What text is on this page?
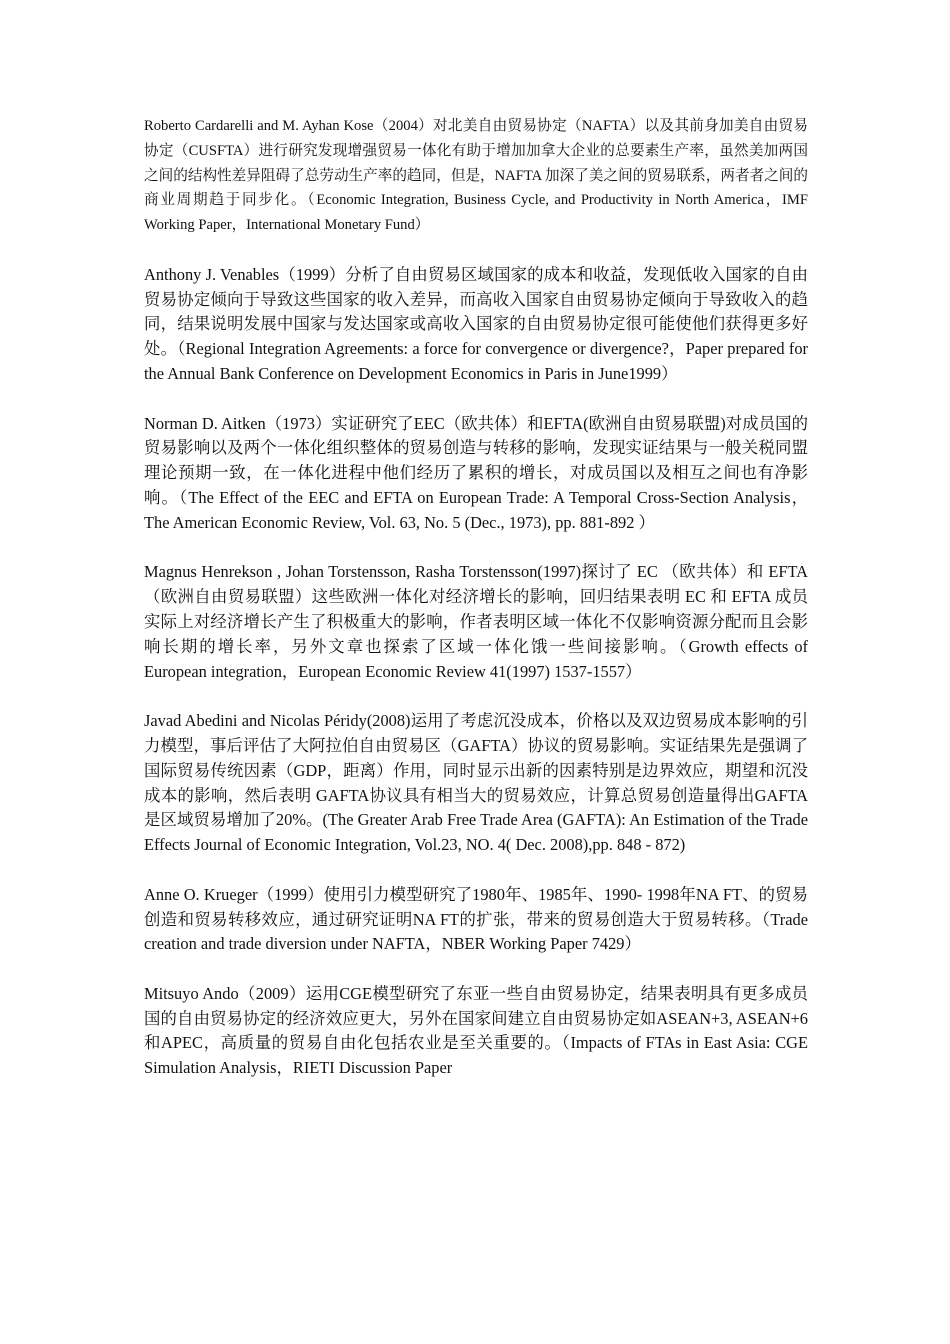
Roberto Cardarelli and M. Ayhan Kose（2004）对北美自由贸易协定（NAFTA）以及其前身加美自由贸易协定（CUSFTA）进行研究发现增强贸易一体化有助于增加加拿大企业的总要素生产率，虽然美加两国之间的结构性差异阻碍了总劳动生产率的趋同，但是，NAFTA 加深了美之间的贸易联系，两者者之间的商业周期趋于同步化。（Economic Integration, Business Cycle, and Productivity in North America，IMF Working Paper，International Monetary Fund）

Anthony J. Venables（1999）分析了自由贸易区域国家的成本和收益，发现低收入国家的自由贸易协定倾向于导致这些国家的收入差异，而高收入国家自由贸易协定倾向于导致收入的趋同，结果说明发展中国家与发达国家或高收入国家的自由贸易协定很可能使他们获得更多好处。（Regional Integration Agreements: a force for convergence or divergence?，Paper prepared for the Annual Bank Conference on Development Economics in Paris in June1999）

Norman D. Aitken（1973）实证研究了EEC（欧共体）和EFTA(欧洲自由贸易联盟)对成员国的贸易影响以及两个一体化组织整体的贸易创造与转移的影响，发现实证结果与一般关税同盟理论预期一致，在一体化进程中他们经历了累积的增长，对成员国以及相互之间也有净影响。（The Effect of the EEC and EFTA on European Trade: A Temporal Cross-Section Analysis，The American Economic Review, Vol. 63, No. 5 (Dec., 1973), pp. 881-892 ）

Magnus Henrekson , Johan Torstensson, Rasha Torstensson(1997)探讨了 EC （欧共体）和 EFTA（欧洲自由贸易联盟）这些欧洲一体化对经济增长的影响，回归结果表明 EC 和 EFTA 成员实际上对经济增长产生了积极重大的影响，作者表明区域一体化不仅影响资源分配而且会影响长期的增长率，另外文章也探索了区域一体化饿一些间接影响。（Growth effects of European integration，European Economic Review 41(1997) 1537-1557）

Javad Abedini and Nicolas Péridy(2008)运用了考虑沉没成本，价格以及双边贸易成本影响的引力模型，事后评估了大阿拉伯自由贸易区（GAFTA）协议的贸易影响。实证结果先是强调了国际贸易传统因素（GDP，距离）作用，同时显示出新的因素特别是边界效应，期望和沉没成本的影响，然后表明 GAFTA协议具有相当大的贸易效应，计算总贸易创造量得出GAFTA是区域贸易增加了20%。(The Greater Arab Free Trade Area (GAFTA): An Estimation of the Trade Effects Journal of Economic Integration, Vol.23, NO. 4( Dec. 2008),pp. 848 - 872)

Anne O. Krueger（1999）使用引力模型研究了1980年、1985年、1990- 1998年NA FT、的贸易创造和贸易转移效应，通过研究证明NA FT的扩张，带来的贸易创造大于贸易转移。（Trade creation and trade diversion under NAFTA，NBER Working Paper 7429）

Mitsuyo Ando（2009）运用CGE模型研究了东亚一些自由贸易协定，结果表明具有更多成员国的自由贸易协定的经济效应更大，另外在国家间建立自由贸易协定如ASEAN+3, ASEAN+6和APEC，高质量的贸易自由化包括农业是至关重要的。（Impacts of FTAs in East Asia: CGE Simulation Analysis，RIETI Discussion Paper
